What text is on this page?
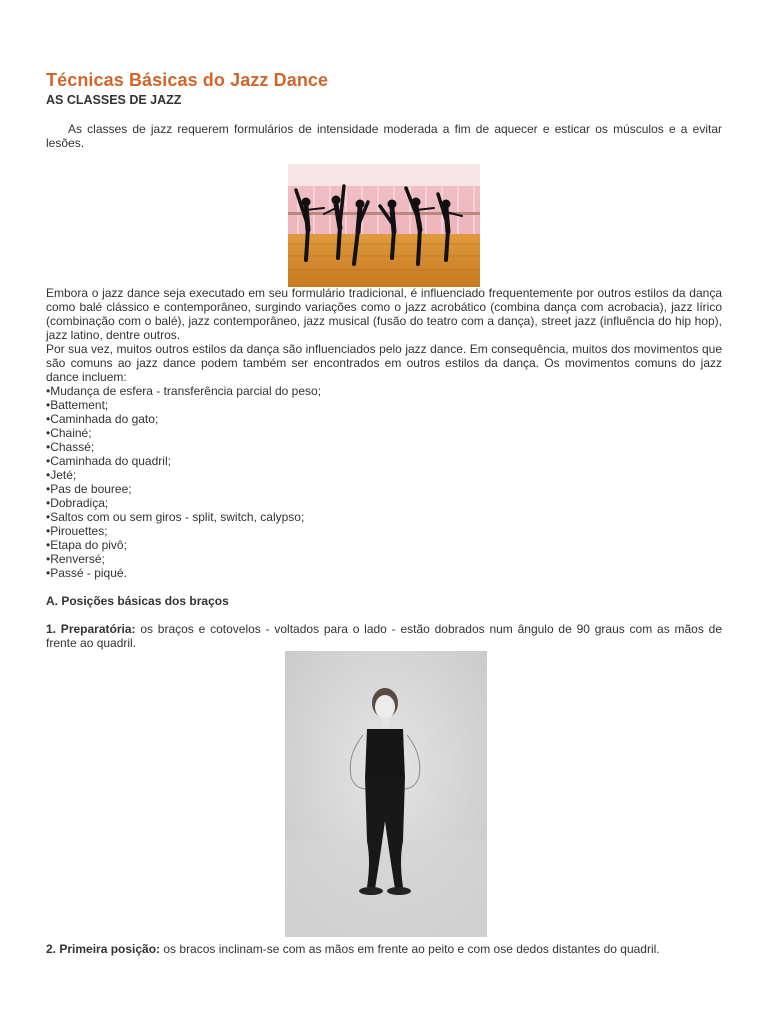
Técnicas Básicas do Jazz Dance
AS CLASSES DE JAZZ

As classes de jazz requerem formulários de intensidade moderada a fim de aquecer e esticar os músculos e a evitar lesões.

Embora o jazz dance seja executado em seu formulário tradicional, é influenciado frequentemente por outros estilos da dança como balé clássico e contemporâneo, surgindo variações como o jazz acrobático (combina dança com acrobacia), jazz lírico (combinação com o balé), jazz contemporâneo, jazz musical (fusão do teatro com a dança), street jazz (influência do hip hop), jazz latino, dentre outros.
Por sua vez, muitos outros estilos da dança são influenciados pelo jazz dance. Em consequência, muitos dos movimentos que são comuns ao jazz dance podem também ser encontrados em outros estilos da dança. Os movimentos comuns do jazz dance incluem:

•Mudança de esfera - transferência parcial do peso;
•Battement;
•Caminhada do gato;
•Chainé;
•Chassé;
•Caminhada do quadril;
•Jeté;
•Pas de bouree;
•Dobradiça;
•Saltos com ou sem giros - split, switch, calypso;
•Pirouettes;
•Etapa do pivô;
•Renversé;
•Passé - piqué.

A. Posições básicas dos braços

1. Preparatória: os braços e cotovelos - voltados para o lado - estão dobrados num ângulo de 90 graus com as mãos de frente ao quadril.

2. Primeira posição: os bracos inclinam-se com as mãos em frente ao peito e com ose dedos distantes do quadril.
